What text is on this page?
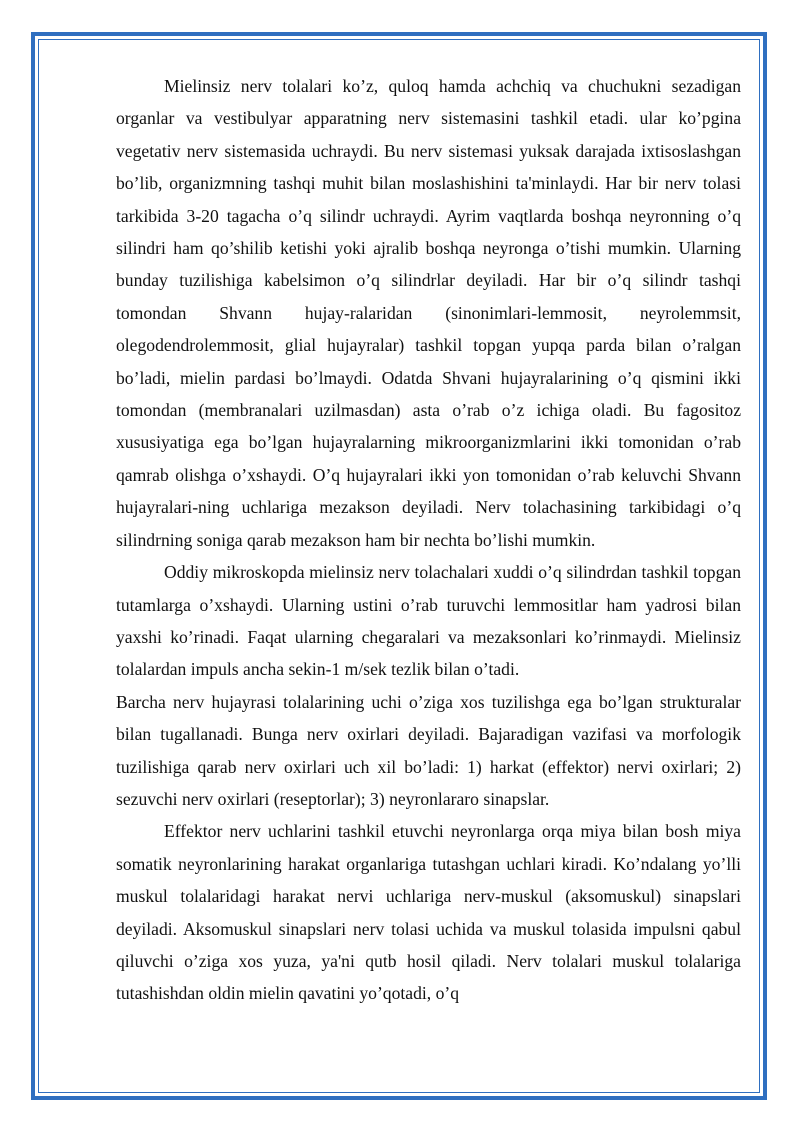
Mielinsiz nerv tolalari ko’z, quloq hamda achchiq va chuchukni sezadigan organlar va vestibulyar apparatning nerv sistemasini tashkil etadi. ular ko’pgina vegetativ nerv sistemasida uchraydi. Bu nerv sistemasi yuksak darajada ixtisoslashgan bo’lib, organizmning tashqi muhit bilan moslashishini ta'minlaydi. Har bir nerv tolasi tarkibida 3-20 tagacha o’q silindr uchraydi. Ayrim vaqtlarda boshqa neyronning o’q silindri ham qo’shilib ketishi yoki ajralib boshqa neyronga o’tishi mumkin. Ularning bunday tuzilishiga kabelsimon o’q silindrlar deyiladi. Har bir o’q silindr tashqi tomondan Shvann hujay-ralaridan (sinonimlari-lemmosit, neyrolemmsit, olegodendrolemmosit, glial hujayralar) tashkil topgan yupqa parda bilan o’ralgan bo’ladi, mielin pardasi bo’lmaydi. Odatda Shvani hujayralarining o’q qismini ikki tomondan (membranalari uzilmasdan) asta o’rab o’z ichiga oladi. Bu fagositoz xususiyatiga ega bo’lgan hujayralarning mikroorganizmlarini ikki tomonidan o’rab qamrab olishga o’xshaydi. O’q hujayralari ikki yon tomonidan o’rab keluvchi Shvann hujayralari-ning uchlariga mezakson deyiladi. Nerv tolachasining tarkibidagi o’q silindrning soniga qarab mezakson ham bir nechta bo’lishi mumkin.

Oddiy mikroskopda mielinsiz nerv tolachalari xuddi o’q silindrdan tashkil topgan tutamlarga o’xshaydi. Ularning ustini o’rab turuvchi lemmositlar ham yadrosi bilan yaxshi ko’rinadi. Faqat ularning chegaralari va mezaksonlari ko’rinmaydi. Mielinsiz tolalardan impuls ancha sekin-1 m/sek tezlik bilan o’tadi.

Barcha nerv hujayrasi tolalarining uchi o’ziga xos tuzilishga ega bo’lgan strukturalar bilan tugallanadi. Bunga nerv oxirlari deyiladi. Bajaradigan vazifasi va morfologik tuzilishiga qarab nerv oxirlari uch xil bo’ladi: 1) harkat (effektor) nervi oxirlari; 2) sezuvchi nerv oxirlari (reseptorlar); 3) neyronlararo sinapslar.

Effektor nerv uchlarini tashkil etuvchi neyronlarga orqa miya bilan bosh miya somatik neyronlarining harakat organlariga tutashgan uchlari kiradi. Ko’ndalang yo’lli muskul tolalaridagi harakat nervi uchlariga nerv-muskul (aksomuskul) sinapslari deyiladi. Aksomuskul sinapslari nerv tolasi uchida va muskul tolasida impulsni qabul qiluvchi o’ziga xos yuza, ya'ni qutb hosil qiladi. Nerv tolalari muskul tolalariga tutashishdan oldin mielin qavatini yo’qotadi, o’q
